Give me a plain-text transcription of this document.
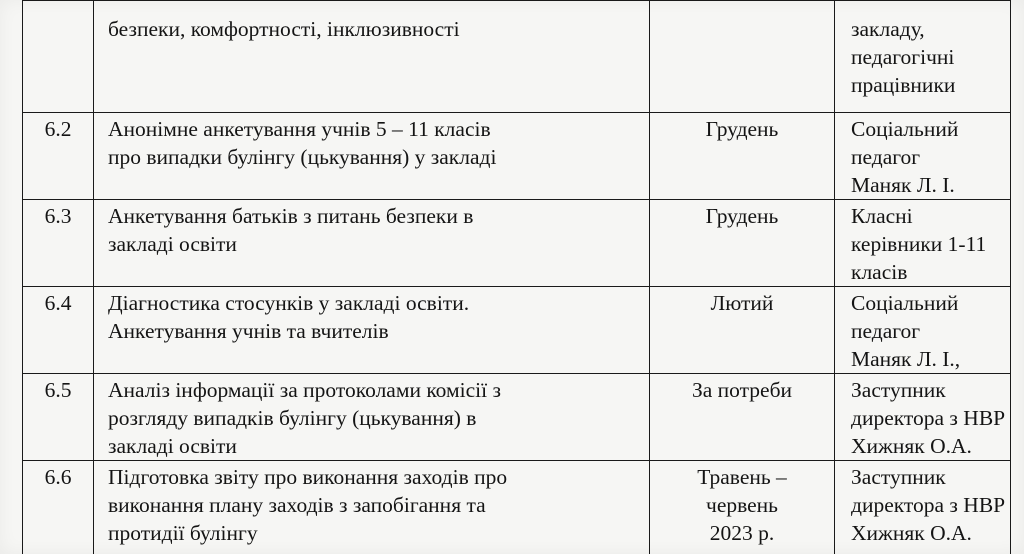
	безпеки, комфортності, інклюзивності		закладу,
педагогічні
працівники

6.2	Анонімне анкетування учнів 5 – 11 класів
про випадки булінгу (цькування) у закладі	Грудень	Соціальний
педагог
Маняк Л. І.

6.3	Анкетування батьків з питань безпеки в
закладі освіти	Грудень	Класні
керівники 1-11
класів

6.4	Діагностика стосунків у закладі освіти.
Анкетування учнів та вчителів	Лютий	Соціальний
педагог
Маняк Л. І.,

6.5	Аналіз інформації за протоколами комісії з
розгляду випадків булінгу (цькування) в
закладі освіти	За потреби	Заступник
директора з НВР
Хижняк О.А.

6.6	Підготовка звіту про виконання заходів про
виконання плану заходів з запобігання та
протидії булінгу	Травень –
червень
2023 р.	Заступник
директора з НВР
Хижняк О.А.
